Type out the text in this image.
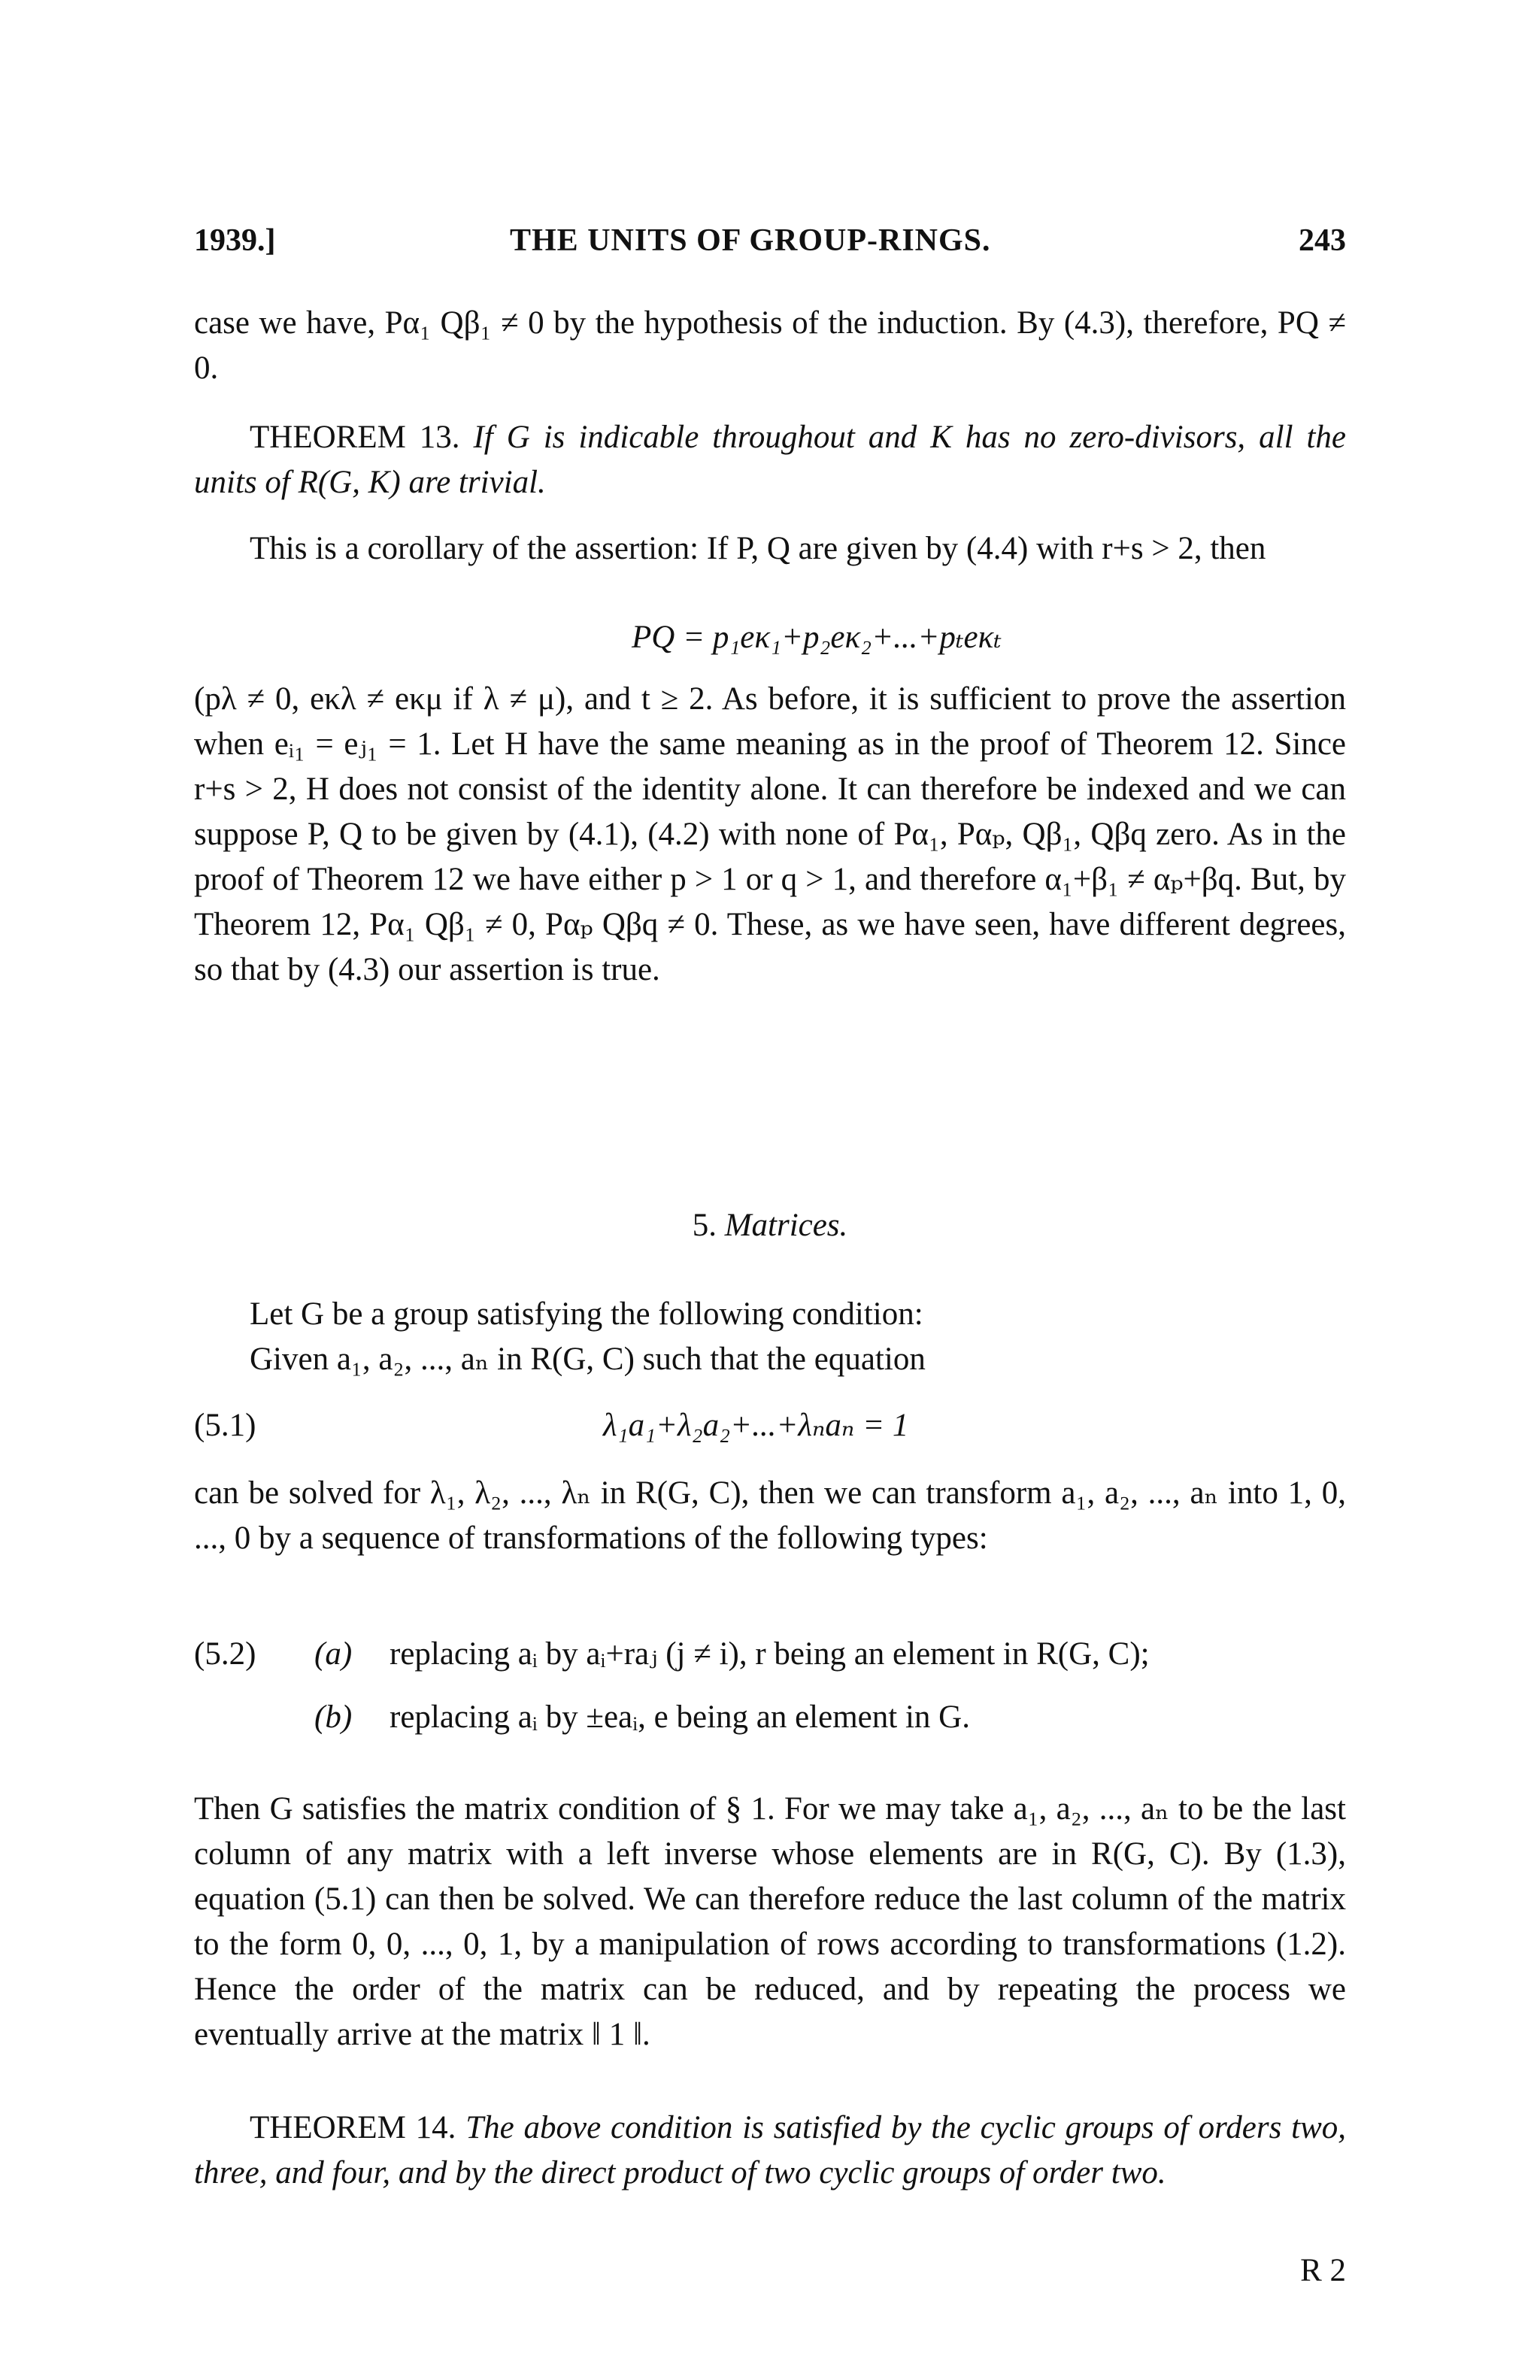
1939.]	THE UNITS OF GROUP-RINGS.	243

case we have, Pα₁ Qβ₁ ≠ 0 by the hypothesis of the induction. By (4.3), therefore, PQ ≠ 0.

THEOREM 13. If G is indicable throughout and K has no zero-divisors, all the units of R(G, K) are trivial.

This is a corollary of the assertion: If P, Q are given by (4.4) with r+s > 2, then

PQ = p₁eκ₁+p₂eκ₂+...+pₜeκₜ

(pλ ≠ 0, eκλ ≠ eκμ if λ ≠ μ), and t ≥ 2. As before, it is sufficient to prove the assertion when eᵢ₁ = eⱼ₁ = 1. Let H have the same meaning as in the proof of Theorem 12. Since r+s > 2, H does not consist of the identity alone. It can therefore be indexed and we can suppose P, Q to be given by (4.1), (4.2) with none of Pα₁, Pαₚ, Qβ₁, Qβq zero. As in the proof of Theorem 12 we have either p > 1 or q > 1, and therefore α₁+β₁ ≠ αₚ+βq. But, by Theorem 12, Pα₁ Qβ₁ ≠ 0, Pαₚ Qβq ≠ 0. These, as we have seen, have different degrees, so that by (4.3) our assertion is true.

5. Matrices.

Let G be a group satisfying the following condition:

Given a₁, a₂, ..., aₙ in R(G, C) such that the equation

(5.1)	λ₁a₁+λ₂a₂+...+λₙaₙ = 1

can be solved for λ₁, λ₂, ..., λₙ in R(G, C), then we can transform a₁, a₂, ..., aₙ into 1, 0, ..., 0 by a sequence of transformations of the following types:

(5.2) (a) replacing aᵢ by aᵢ+raⱼ (j ≠ i), r being an element in R(G, C);
(b) replacing aᵢ by ±eaᵢ, e being an element in G.

Then G satisfies the matrix condition of § 1. For we may take a₁, a₂, ..., aₙ to be the last column of any matrix with a left inverse whose elements are in R(G, C). By (1.3), equation (5.1) can then be solved. We can therefore reduce the last column of the matrix to the form 0, 0, ..., 0, 1, by a manipulation of rows according to transformations (1.2). Hence the order of the matrix can be reduced, and by repeating the process we eventually arrive at the matrix ‖ 1 ‖.

THEOREM 14. The above condition is satisfied by the cyclic groups of orders two, three, and four, and by the direct product of two cyclic groups of order two.

R 2
